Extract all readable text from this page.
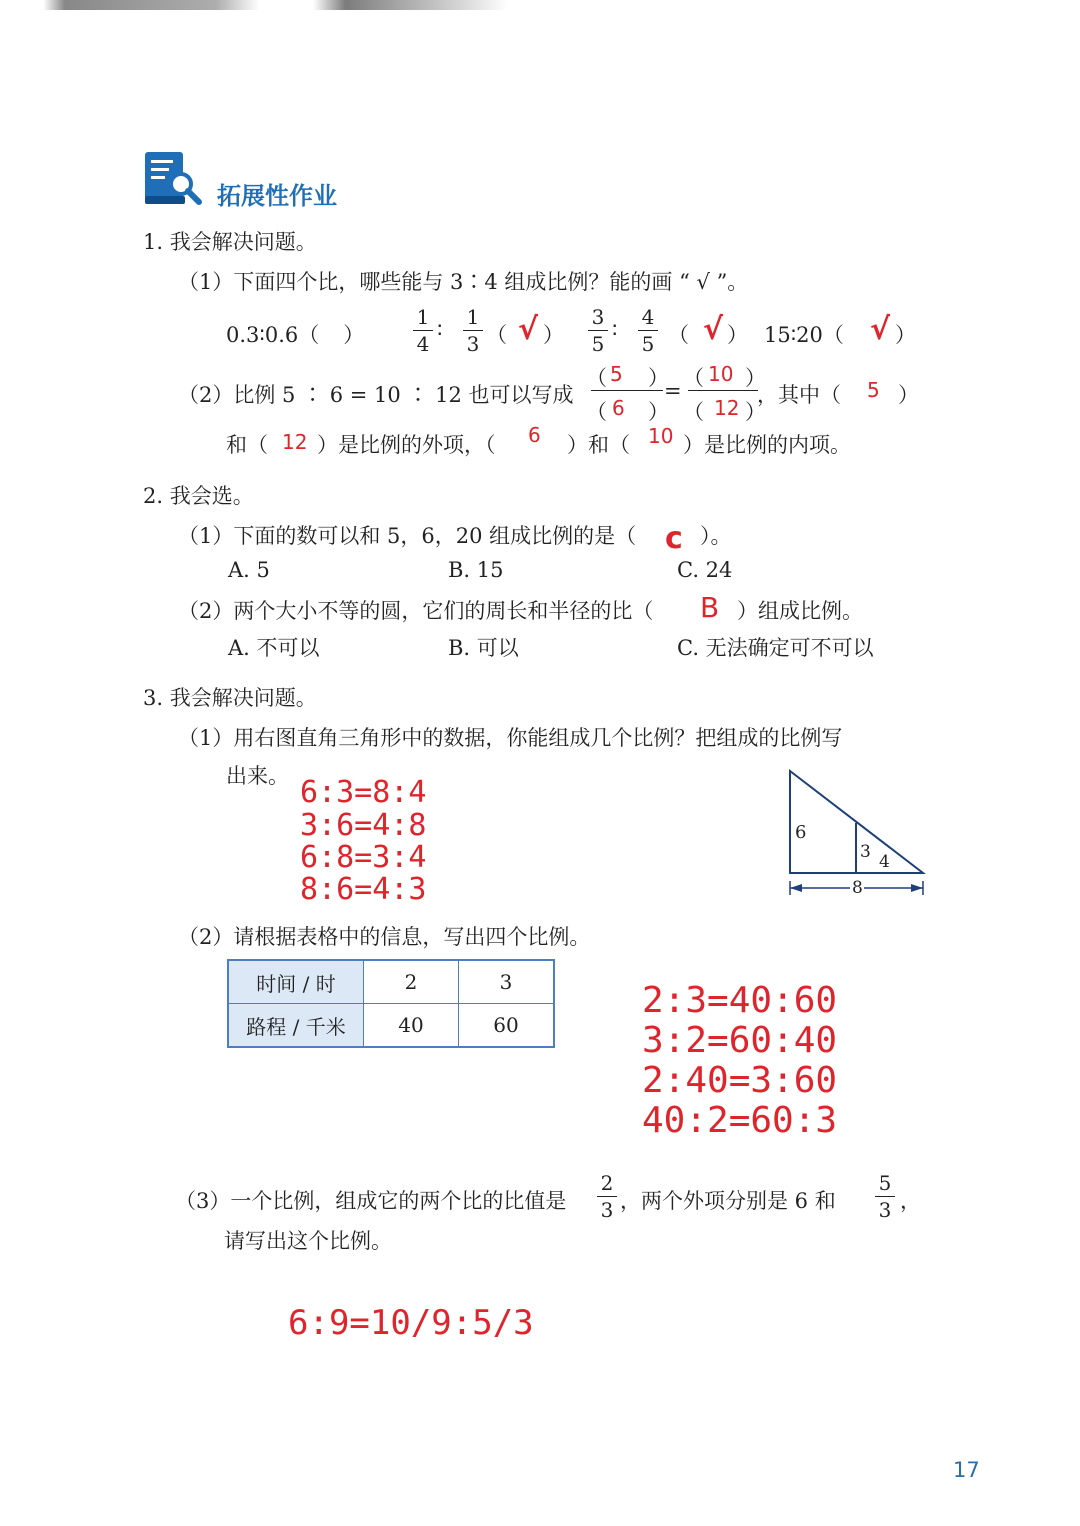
拓展性作业
1. 我会解决问题。
（1）下面四个比，哪些能与 3∶4 组成比例？能的画 “ √ ”。
0.3∶0.6（ ）
1
4
∶
1
3 （ √ ）
3
5
∶
4
5 （ √ ） 15∶20（ √ ）
（2）比例 5 ∶ 6 = 10 ∶ 12 也可以写成
（ 5 ）
（ 6 ）
=
（ 10 ）
（ 12 ）
，其中（ 5 ）
和（ 12 ）是比例的外项，（ 6 ）和（ 10 ）是比例的内项。
2. 我会选。
（1）下面的数可以和 5，6，20 组成比例的是（ c ）。
A. 5	B. 15	C. 24
（2）两个大小不等的圆，它们的周长和半径的比（ B ）组成比例。
A. 不可以	B. 可以	C. 无法确定可不可以
3. 我会解决问题。
（1）用右图直角三角形中的数据，你能组成几个比例？把组成的比例写
出来。 6:3=8:4
3:6=4:8
6:8=3:4
8:6=4:3
6
3 4
8
（2）请根据表格中的信息，写出四个比例。
时间 / 时	2	3
路程 / 千米	40	60
2:3=40:60
3:2=60:40
2:40=3:60
40:2=60:3
（3）一个比例，组成它的两个比的比值是
2
3 ，两个外项分别是 6 和
5
3 ，
请写出这个比例。
6:9=10/9:5/3
17
